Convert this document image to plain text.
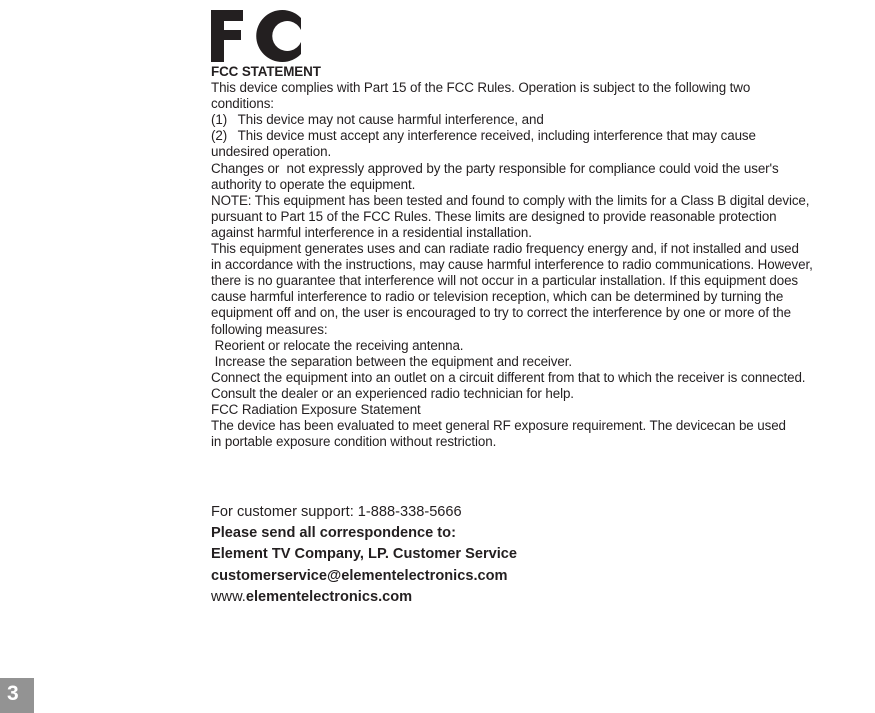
FCC STATEMENT
This device complies with Part 15 of the FCC Rules. Operation is subject to the following two
conditions:
(1)   This device may not cause harmful interference, and
(2)   This device must accept any interference received, including interference that may cause
undesired operation.
Changes or  not expressly approved by the party responsible for compliance could void the user's
authority to operate the equipment.
NOTE: This equipment has been tested and found to comply with the limits for a Class B digital device,
pursuant to Part 15 of the FCC Rules. These limits are designed to provide reasonable protection
against harmful interference in a residential installation.
This equipment generates uses and can radiate radio frequency energy and, if not installed and used
in accordance with the instructions, may cause harmful interference to radio communications. However,
there is no guarantee that interference will not occur in a particular installation. If this equipment does
cause harmful interference to radio or television reception, which can be determined by turning the
equipment off and on, the user is encouraged to try to correct the interference by one or more of the
following measures:
Reorient or relocate the receiving antenna.
Increase the separation between the equipment and receiver.
Connect the equipment into an outlet on a circuit different from that to which the receiver is connected.
Consult the dealer or an experienced radio technician for help.
FCC Radiation Exposure Statement
The device has been evaluated to meet general RF exposure requirement. The devicecan be used
in portable exposure condition without restriction.
For customer support: 1-888-338-5666
Please send all correspondence to:
Element TV Company, LP. Customer Service
customerservice@elementelectronics.com
www.elementelectronics.com
3
